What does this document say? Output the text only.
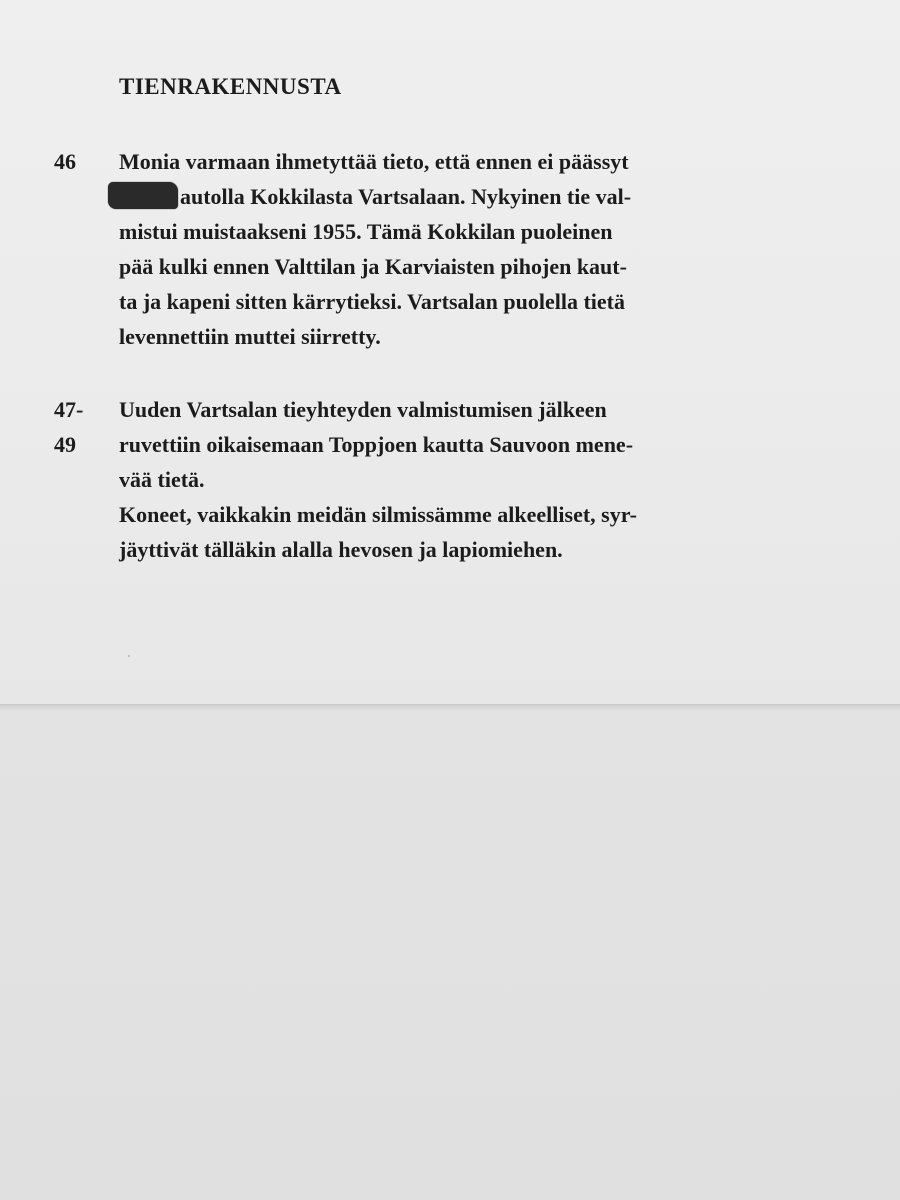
TIENRAKENNUSTA
46 Monia varmaan ihmetyttää tieto, että ennen ei päässyt
autolla Kokkilasta Vartsalaan. Nykyinen tie val-
mistui muistaakseni 1955. Tämä Kokkilan puoleinen
pää kulki ennen Valttilan ja Karviaisten pihojen kaut-
ta ja kapeni sitten kärrytieksi. Vartsalan puolella tietä
levennettiin muttei siirretty.
47-
49
Uuden Vartsalan tieyhteyden valmistumisen jälkeen
ruvettiin oikaisemaan Toppjoen kautta Sauvoon mene-
vää tietä.
Koneet, vaikkakin meidän silmissämme alkeelliset, syr-
jäyttivät tälläkin alalla hevosen ja lapiomiehen.
